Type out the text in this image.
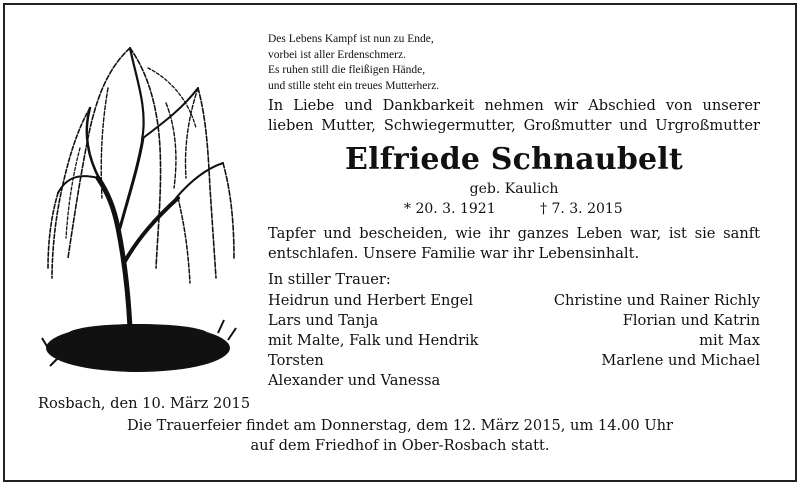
Des Lebens Kampf ist nun zu Ende,
vorbei ist aller Erdenschmerz.
Es ruhen still die fleißigen Hände,
und stille steht ein treues Mutterherz.
In Liebe und Dankbarkeit nehmen wir Abschied von unserer
lieben Mutter, Schwiegermutter, Großmutter und Urgroßmutter
Elfriede Schnaubelt
geb. Kaulich
* 20. 3. 1921	† 7. 3. 2015
Tapfer und bescheiden, wie ihr ganzes Leben war, ist sie sanft
entschlafen. Unsere Familie war ihr Lebensinhalt.
In stiller Trauer:
Heidrun und Herbert Engel
Lars und Tanja
mit Malte, Falk und Hendrik
Torsten
Alexander und Vanessa
Christine und Rainer Richly
Florian und Katrin
mit Max
Marlene und Michael
Rosbach, den 10. März 2015
Die Trauerfeier findet am Donnerstag, dem 12. März 2015, um 14.00 Uhr
auf dem Friedhof in Ober-Rosbach statt.
